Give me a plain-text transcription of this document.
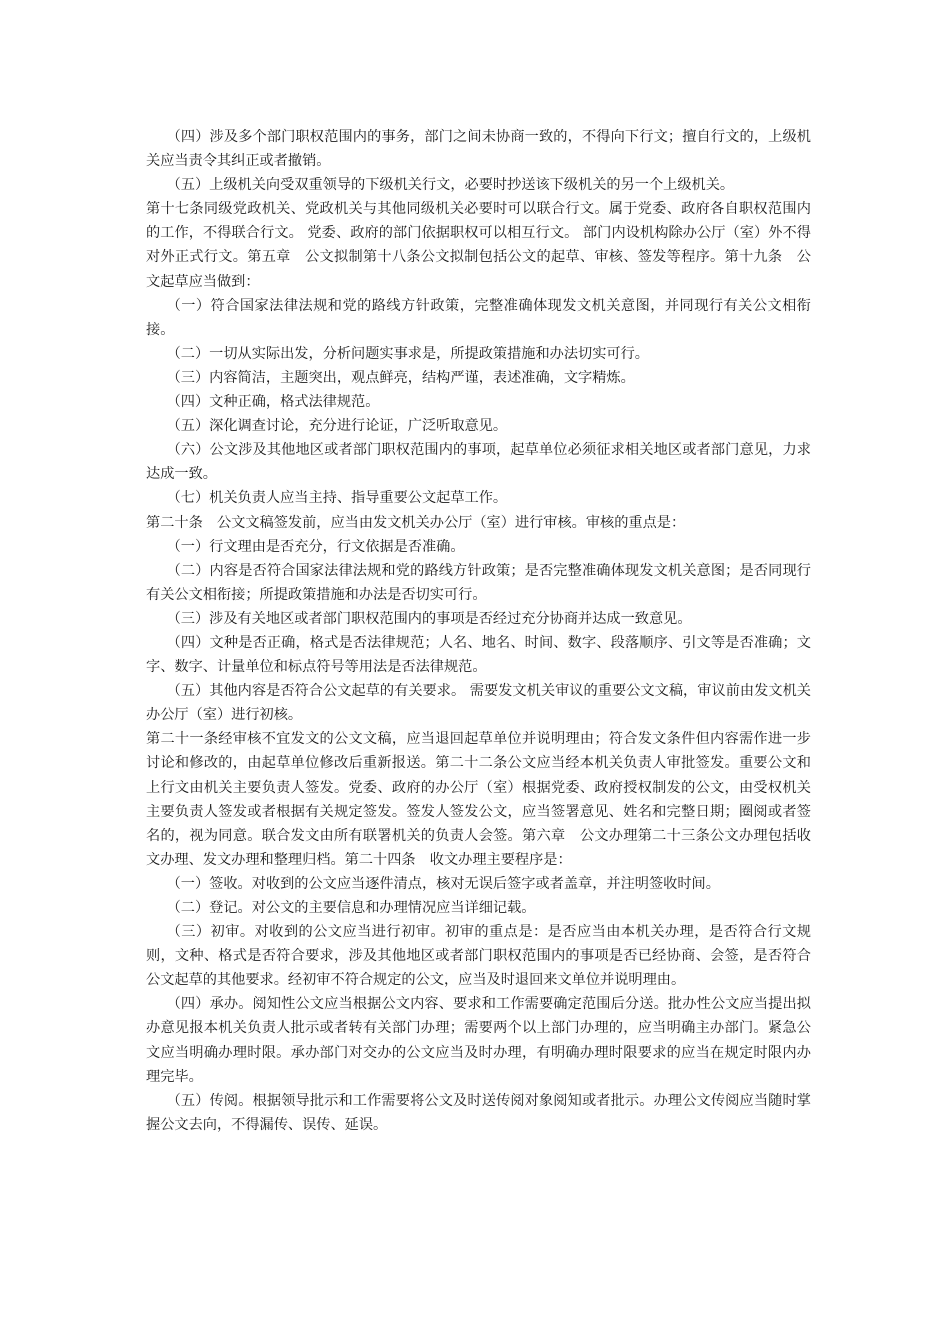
（四）涉及多个部门职权范围内的事务，部门之间未协商一致的，不得向下行文；擅自行文的，上级机关应当责令其纠正或者撤销。

（五）上级机关向受双重领导的下级机关行文，必要时抄送该下级机关的另一个上级机关。

第十七条同级党政机关、党政机关与其他同级机关必要时可以联合行文。属于党委、政府各自职权范围内的工作，不得联合行文。 党委、政府的部门依据职权可以相互行文。 部门内设机构除办公厅（室）外不得对外正式行文。第五章　公文拟制第十八条公文拟制包括公文的起草、审核、签发等程序。第十九条　公文起草应当做到：

（一）符合国家法律法规和党的路线方针政策，完整准确体现发文机关意图，并同现行有关公文相衔接。

（二）一切从实际出发，分析问题实事求是，所提政策措施和办法切实可行。

（三）内容简洁，主题突出，观点鲜亮，结构严谨，表述准确，文字精炼。

（四）文种正确，格式法律规范。

（五）深化调查讨论，充分进行论证，广泛听取意见。

（六）公文涉及其他地区或者部门职权范围内的事项，起草单位必须征求相关地区或者部门意见，力求达成一致。

（七）机关负责人应当主持、指导重要公文起草工作。

第二十条　公文文稿签发前，应当由发文机关办公厅（室）进行审核。审核的重点是：

（一）行文理由是否充分，行文依据是否准确。

（二）内容是否符合国家法律法规和党的路线方针政策；是否完整准确体现发文机关意图；是否同现行有关公文相衔接；所提政策措施和办法是否切实可行。

（三）涉及有关地区或者部门职权范围内的事项是否经过充分协商并达成一致意见。

（四）文种是否正确，格式是否法律规范；人名、地名、时间、数字、段落顺序、引文等是否准确；文字、数字、计量单位和标点符号等用法是否法律规范。

（五）其他内容是否符合公文起草的有关要求。 需要发文机关审议的重要公文文稿，审议前由发文机关办公厅（室）进行初核。

第二十一条经审核不宜发文的公文文稿，应当退回起草单位并说明理由；符合发文条件但内容需作进一步讨论和修改的，由起草单位修改后重新报送。第二十二条公文应当经本机关负责人审批签发。重要公文和上行文由机关主要负责人签发。党委、政府的办公厅（室）根据党委、政府授权制发的公文，由受权机关主要负责人签发或者根据有关规定签发。签发人签发公文，应当签署意见、姓名和完整日期；圈阅或者签名的，视为同意。联合发文由所有联署机关的负责人会签。第六章　公文办理第二十三条公文办理包括收文办理、发文办理和整理归档。第二十四条　收文办理主要程序是：

（一）签收。对收到的公文应当逐件清点，核对无误后签字或者盖章，并注明签收时间。

（二）登记。对公文的主要信息和办理情况应当详细记载。

（三）初审。对收到的公文应当进行初审。初审的重点是：是否应当由本机关办理，是否符合行文规则，文种、格式是否符合要求，涉及其他地区或者部门职权范围内的事项是否已经协商、会签，是否符合公文起草的其他要求。经初审不符合规定的公文，应当及时退回来文单位并说明理由。

（四）承办。阅知性公文应当根据公文内容、要求和工作需要确定范围后分送。批办性公文应当提出拟办意见报本机关负责人批示或者转有关部门办理；需要两个以上部门办理的，应当明确主办部门。紧急公文应当明确办理时限。承办部门对交办的公文应当及时办理，有明确办理时限要求的应当在规定时限内办理完毕。

（五）传阅。根据领导批示和工作需要将公文及时送传阅对象阅知或者批示。办理公文传阅应当随时掌握公文去向，不得漏传、误传、延误。
